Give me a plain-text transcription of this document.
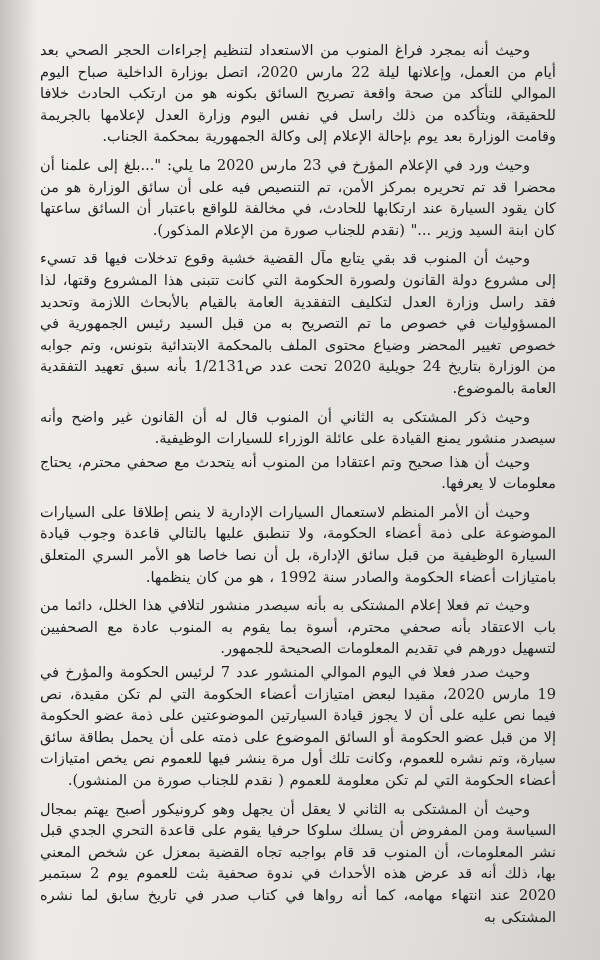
وحيث أنه بمجرد فراغ المنوب من الاستعداد لتنظيم إجراءات الحجر الصحي بعد أيام من العمل، وإعلانها ليلة 22 مارس 2020، اتصل بوزارة الداخلية صباح اليوم الموالي للتأكد من صحة واقعة تصريح السائق بكونه هو من ارتكب الحادث خلافا للحقيقة، وبتأكده من ذلك راسل في نفس اليوم وزارة العدل لإعلامها بالجريمة وقامت الوزارة بعد يوم بإحالة الإعلام إلى وكالة الجمهورية بمحكمة الجناب.

وحيث ورد في الإعلام المؤرخ في 23 مارس 2020 ما يلي: "...بلغ إلى علمنا أن محضرا قد تم تحريره بمركز الأمن، تم التنصيص فيه على أن سائق الوزارة هو من كان يقود السيارة عند ارتكابها للحادث، في مخالفة للواقع باعتبار أن السائق ساعتها كان ابنة السيد وزير ..." (نقدم للجناب صورة من الإعلام المذكور).

وحيث أن المنوب قد بقي يتابع مآل القضية خشية وقوع تدخلات فيها قد تسيء إلى مشروع دولة القانون ولصورة الحكومة التي كانت تتبنى هذا المشروع وقتها، لذا فقد راسل وزارة العدل لتكليف التفقدية العامة بالقيام بالأبحاث اللازمة وتحديد المسؤوليات في خصوص ما تم التصريح به من قبل السيد رئيس الجمهورية في خصوص تغيير المحضر وضياع محتوى الملف بالمحكمة الابتدائية بتونس، وتم جوابه من الوزارة بتاريخ 24 جويلية 2020 تحت عدد ص1/2131 بأنه سبق تعهيد التفقدية العامة بالموضوع.

وحيث ذكر المشتكى به الثاني أن المنوب قال له أن القانون غير واضح وأنه سيصدر منشور يمنع القيادة على عائلة الوزراء للسيارات الوظيفية.

وحيث أن هذا صحيح وتم اعتقادا من المنوب أنه يتحدث مع صحفي محترم، يحتاج معلومات لا يعرفها.

وحيث أن الأمر المنظم لاستعمال السيارات الإدارية لا ينص إطلاقا على السيارات الموضوعة على ذمة أعضاء الحكومة، ولا تنطبق عليها بالتالي قاعدة وجوب قيادة السيارة الوظيفية من قبل سائق الإدارة، بل أن نصا خاصا هو الأمر السري المتعلق بامتيازات أعضاء الحكومة والصادر سنة 1992 ، هو من كان ينظمها.

وحيث تم فعلا إعلام المشتكى به بأنه سيصدر منشور لتلافي هذا الخلل، دائما من باب الاعتقاد بأنه صحفي محترم، أسوة بما يقوم به المنوب عادة مع الصحفيين لتسهيل دورهم في تقديم المعلومات الصحيحة للجمهور.

وحيث صدر فعلا في اليوم الموالي المنشور عدد 7 لرئيس الحكومة والمؤرخ في 19 مارس 2020، مقيدا لبعض امتيازات أعضاء الحكومة التي لم تكن مقيدة، نص فيما نص عليه على أن لا يجوز قيادة السيارتين الموضوعتين على ذمة عضو الحكومة إلا من قبل عضو الحكومة أو السائق الموضوع على ذمته على أن يحمل بطاقة سائق سيارة، وتم نشره للعموم، وكانت تلك أول مرة ينشر فيها للعموم نص يخص امتيازات أعضاء الحكومة التي لم تكن معلومة للعموم ( نقدم للجناب صورة من المنشور).

وحيث أن المشتكى به الثاني لا يعقل أن يجهل وهو كرونيكور أصبح يهتم بمجال السياسة ومن المفروض أن يسلك سلوكا حرفيا يقوم على قاعدة التحري الجدي قبل نشر المعلومات، أن المنوب قد قام بواجبه تجاه القضية بمعزل عن شخص المعني بها، ذلك أنه قد عرض هذه الأحداث في ندوة صحفية بثت للعموم يوم 2 سبتمبر 2020 عند انتهاء مهامه، كما أنه رواها في كتاب صدر في تاريخ سابق لما نشره المشتكى به
